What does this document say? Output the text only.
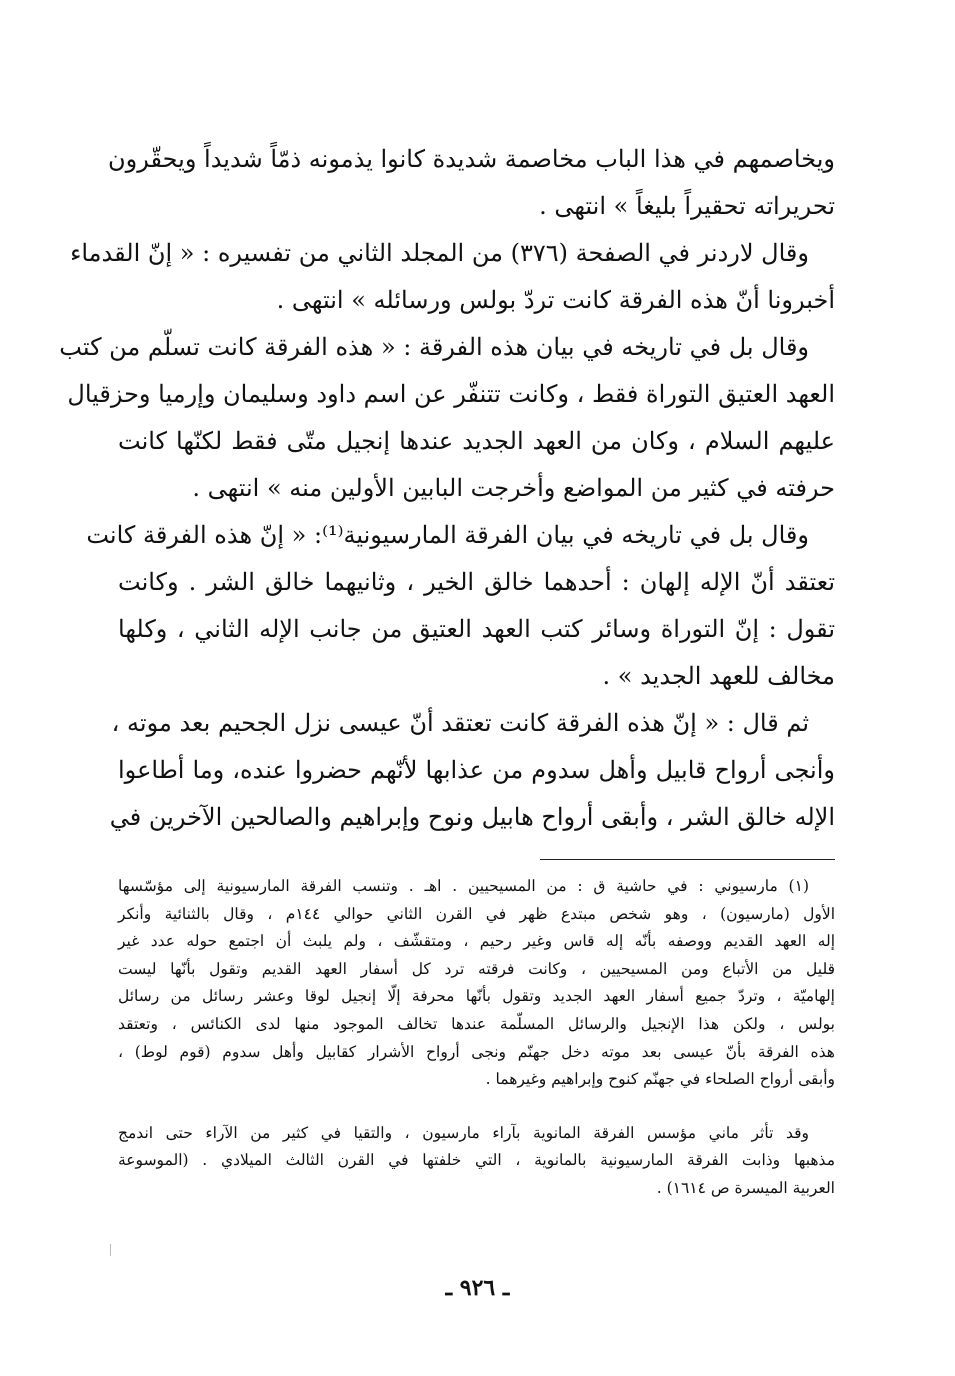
ويخاصمهم في هذا الباب مخاصمة شديدة كانوا يذمونه ذمّاً شديداً ويحقّرون
تحريراته تحقيراً بليغاً » انتهى .
وقال لاردنر في الصفحة (٣٧٦) من المجلد الثاني من تفسيره : « إنّ القدماء
أخبرونا أنّ هذه الفرقة كانت تردّ بولس ورسائله » انتهى .
وقال بل في تاريخه في بيان هذه الفرقة : « هذه الفرقة كانت تسلّم من كتب
العهد العتيق التوراة فقط ، وكانت تتنفّر عن اسم داود وسليمان وإرميا وحزقيال
عليهم السلام ، وكان من العهد الجديد عندها إنجيل متّى فقط لكنّها كانت
حرفته في كثير من المواضع وأخرجت البابين الأولين منه » انتهى .
وقال بل في تاريخه في بيان الفرقة المارسيونية⁽¹⁾: « إنّ هذه الفرقة كانت
تعتقد أنّ الإله إلهان : أحدهما خالق الخير ، وثانيهما خالق الشر . وكانت
تقول : إنّ التوراة وسائر كتب العهد العتيق من جانب الإله الثاني ، وكلها
مخالف للعهد الجديد » .
ثم قال : « إنّ هذه الفرقة كانت تعتقد أنّ عيسى نزل الجحيم بعد موته ،
وأنجى أرواح قابيل وأهل سدوم من عذابها لأنّهم حضروا عنده، وما أطاعوا
الإله خالق الشر ، وأبقى أرواح هابيل ونوح وإبراهيم والصالحين الآخرين في
(١) مارسيوني : في حاشية ق : من المسيحيين . اهـ . وتنسب الفرقة المارسيونية إلى مؤسّسها
الأول (مارسيون) ، وهو شخص مبتدع ظهر في القرن الثاني حوالي ١٤٤م ، وقال بالثنائية وأنكر
إله العهد القديم ووصفه بأنّه إله قاس وغير رحيم ، ومتقشّف ، ولم يلبث أن اجتمع حوله عدد غير
قليل من الأتباع ومن المسيحيين ، وكانت فرقته ترد كل أسفار العهد القديم وتقول بأنّها ليست
إلهاميّة ، وتردّ جميع أسفار العهد الجديد وتقول بأنّها محرفة إلّا إنجيل لوقا وعشر رسائل من رسائل
بولس ، ولكن هذا الإنجيل والرسائل المسلّمة عندها تخالف الموجود منها لدى الكنائس ، وتعتقد
هذه الفرقة بأنّ عيسى بعد موته دخل جهنّم ونجى أرواح الأشرار كقابيل وأهل سدوم (قوم لوط) ،
وأبقى أرواح الصلحاء في جهنّم كنوح وإبراهيم وغيرهما .
وقد تأثر ماني مؤسس الفرقة المانوية بآراء مارسيون ، والتقيا في كثير من الآراء حتى اندمج
مذهبها وذابت الفرقة المارسيونية بالمانوية ، التي خلفتها في القرن الثالث الميلادي . (الموسوعة
العربية الميسرة ص ١٦١٤) .
ـ ٩٢٦ ـ
